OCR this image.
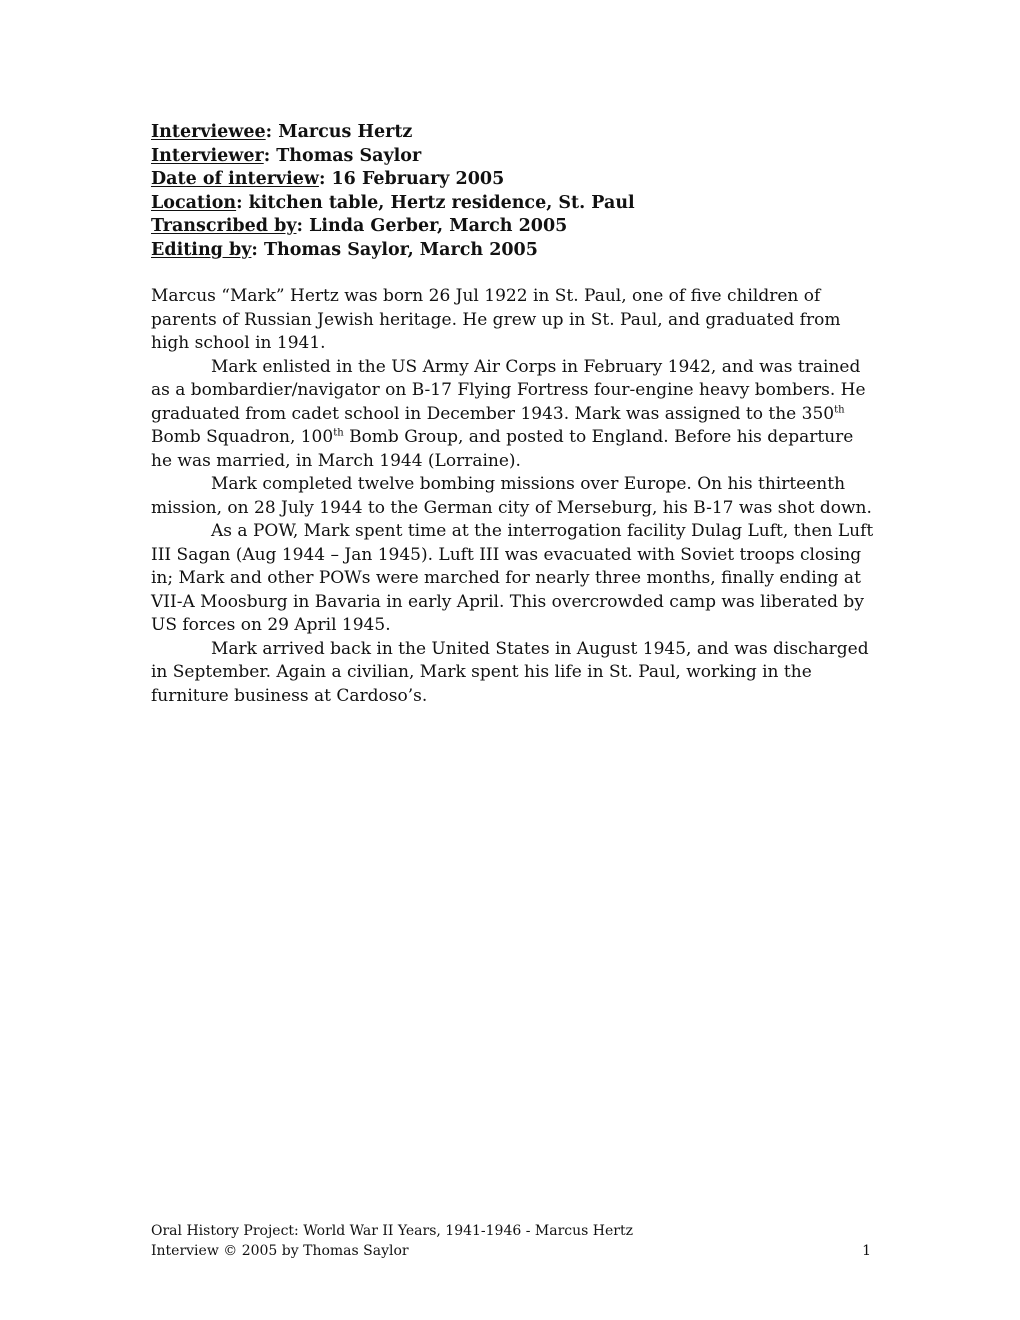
Interviewee: Marcus Hertz
Interviewer: Thomas Saylor
Date of interview: 16 February 2005
Location: kitchen table, Hertz residence, St. Paul
Transcribed by: Linda Gerber, March 2005
Editing by: Thomas Saylor, March 2005

Marcus “Mark” Hertz was born 26 Jul 1922 in St. Paul, one of five children of parents of Russian Jewish heritage. He grew up in St. Paul, and graduated from high school in 1941.

Mark enlisted in the US Army Air Corps in February 1942, and was trained as a bombardier/navigator on B-17 Flying Fortress four-engine heavy bombers. He graduated from cadet school in December 1943. Mark was assigned to the 350th Bomb Squadron, 100th Bomb Group, and posted to England. Before his departure he was married, in March 1944 (Lorraine).

Mark completed twelve bombing missions over Europe. On his thirteenth mission, on 28 July 1944 to the German city of Merseburg, his B-17 was shot down.

As a POW, Mark spent time at the interrogation facility Dulag Luft, then Luft III Sagan (Aug 1944 – Jan 1945). Luft III was evacuated with Soviet troops closing in; Mark and other POWs were marched for nearly three months, finally ending at VII-A Moosburg in Bavaria in early April. This overcrowded camp was liberated by US forces on 29 April 1945.

Mark arrived back in the United States in August 1945, and was discharged in September. Again a civilian, Mark spent his life in St. Paul, working in the furniture business at Cardoso’s.

Oral History Project: World War II Years, 1941-1946 - Marcus Hertz
Interview © 2005 by Thomas Saylor	1
